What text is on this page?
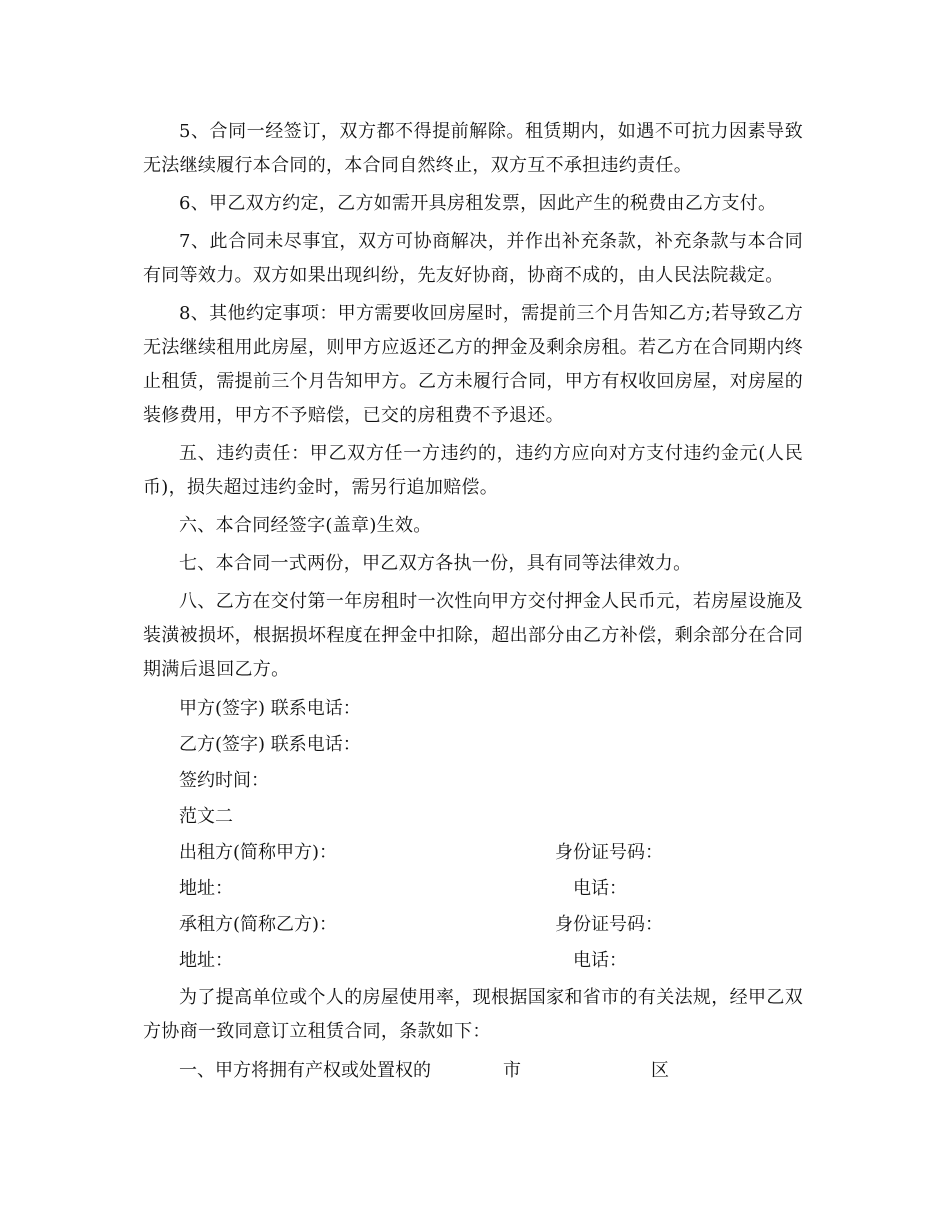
5、合同一经签订，双方都不得提前解除。租赁期内，如遇不可抗力因素导致无法继续履行本合同的，本合同自然终止，双方互不承担违约责任。

6、甲乙双方约定，乙方如需开具房租发票，因此产生的税费由乙方支付。

7、此合同未尽事宜，双方可协商解决，并作出补充条款，补充条款与本合同有同等效力。双方如果出现纠纷，先友好协商，协商不成的，由人民法院裁定。

8、其他约定事项：甲方需要收回房屋时，需提前三个月告知乙方;若导致乙方无法继续租用此房屋，则甲方应返还乙方的押金及剩余房租。若乙方在合同期内终止租赁，需提前三个月告知甲方。乙方未履行合同，甲方有权收回房屋，对房屋的装修费用，甲方不予赔偿，已交的房租费不予退还。

五、违约责任：甲乙双方任一方违约的，违约方应向对方支付违约金元(人民币)，损失超过违约金时，需另行追加赔偿。

六、本合同经签字(盖章)生效。

七、本合同一式两份，甲乙双方各执一份，具有同等法律效力。

八、乙方在交付第一年房租时一次性向甲方交付押金人民币元，若房屋设施及装潢被损坏，根据损坏程度在押金中扣除，超出部分由乙方补偿，剩余部分在合同期满后退回乙方。

甲方(签字) 联系电话：

乙方(签字) 联系电话：

签约时间：

范文二

出租方(简称甲方)：	身份证号码：
地址：	电话：
承租方(简称乙方)：	身份证号码：
地址：	电话：

为了提高单位或个人的房屋使用率，现根据国家和省市的有关法规，经甲乙双方协商一致同意订立租赁合同，条款如下：

一、甲方将拥有产权或处置权的	市	区
